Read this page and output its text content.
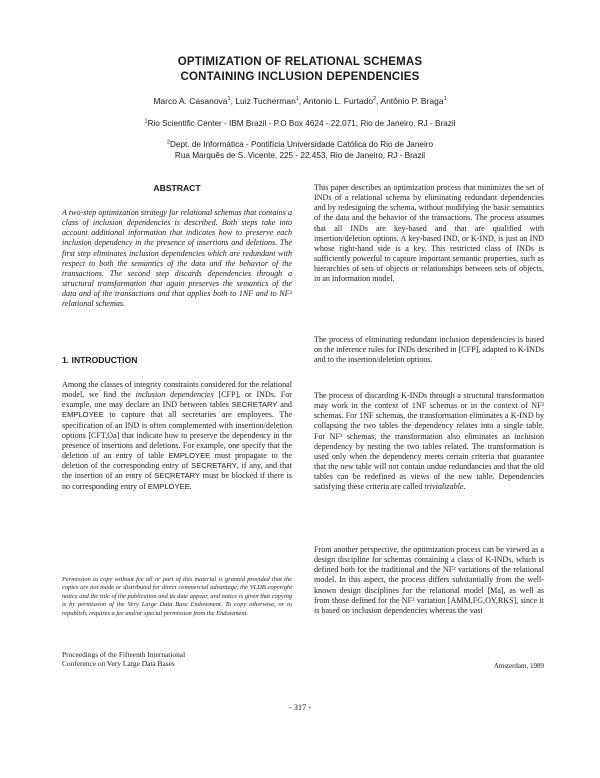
OPTIMIZATION OF RELATIONAL SCHEMAS
CONTAINING INCLUSION DEPENDENCIES
Marco A. Casanova$^1$, Luiz Tucherman$^1$, Antonio L. Furtado$^2$, Antônio P. Braga$^1$
$^1$Rio Scientific Center - IBM Brazil - P.O Box 4624 - 22.071, Rio de Janeiro, RJ - Brazil
$^2$Dept. de Informática - Pontifícia Universidade Católica do Rio de Janeiro
Rua Marquês de S. Vicente, 225 - 22.453, Rio de Janeiro, RJ - Brazil
ABSTRACT
A two-step optimization strategy for relational schemas that contains a class of inclusion dependencies is described. Both steps take into account additional information that indicates how to preserve each inclusion dependency in the presence of insertions and deletions. The first step eliminates inclusion dependencies which are redundant with respect to both the semantics of the data and the behavior of the transactions. The second step discards dependencies through a structural transformation that again preserves the semantics of the data and of the transactions and that applies both to 1NF and to NF² relational schemas.
1. INTRODUCTION
Among the classes of integrity constraints considered for the relational model, we find the inclusion dependencies [CFP], or INDs. For example, one may declare an IND between tables SECRETARY and EMPLOYEE to capture that all secretaries are employees. The specification of an IND is often complemented with insertion/deletion options [CFT,Oa] that indicate how to preserve the dependency in the presence of insertions and deletions. For example, one specify that the deletion of an entry of table EMPLOYEE must propagate to the deletion of the corresponding entry of SECRETARY, if any, and that the insertion of an entry of SECRETARY must be blocked if there is no corresponding entry of EMPLOYEE.
Permission to copy without fee all or part of this material is granted provided that the copies are not made or distributed for direct commercial advantage, the VLDB copyright notice and the title of the publication and its date appear, and notice is given that copying is by permission of the Very Large Data Base Endowment. To copy otherwise, or to republish, requires a fee and/or special permission from the Endowment.
Proceedings of the Fifteenth International
Conference on Very Large Data Bases
This paper describes an optimization process that minimizes the set of INDs of a relational schema by eliminating redundant dependencies and by redesigning the schema, without modifying the basic semantics of the data and the behavior of the transactions. The process assumes that all INDs are key-based and that are qualified with insertion/deletion options. A key-based IND, or K-IND, is just an IND whose right-hand side is a key. This restricted class of INDs is sufficiently powerful to capture important semantic properties, such as hierarchies of sets of objects or relationships between sets of objects, in an information model.
The process of eliminating redundant inclusion dependencies is based on the inference rules for INDs described in [CFP], adapted to K-INDs and to the insertion/deletion options.
The process of discarding K-INDs through a structural transformation may work in the context of 1NF schemas or in the context of NF² schemas. For 1NF schemas, the transformation eliminates a K-IND by collapsing the two tables the dependency relates into a single table. For NF² schemas, the transformation also eliminates an inclusion dependency by nesting the two tables related. The transformation is used only when the dependency meets certain criteria that guarantee that the new table will not contain undue redundancies and that the old tables can be redefined as views of the new table. Dependencies satisfying these criteria are called trivializable.
From another perspective, the optimization process can be viewed as a design discipline for schemas containing a class of K-INDs, which is defined both for the traditional and the NF² variations of the relational model. In this aspect, the process differs substantially from the well-known design disciplines for the relational model [Ma], as well as from those defined for the NF² variation [AMM,FG,OY,RKS], since it is based on inclusion dependencies whereas the vast
Amsterdam, 1989
- 317 -
